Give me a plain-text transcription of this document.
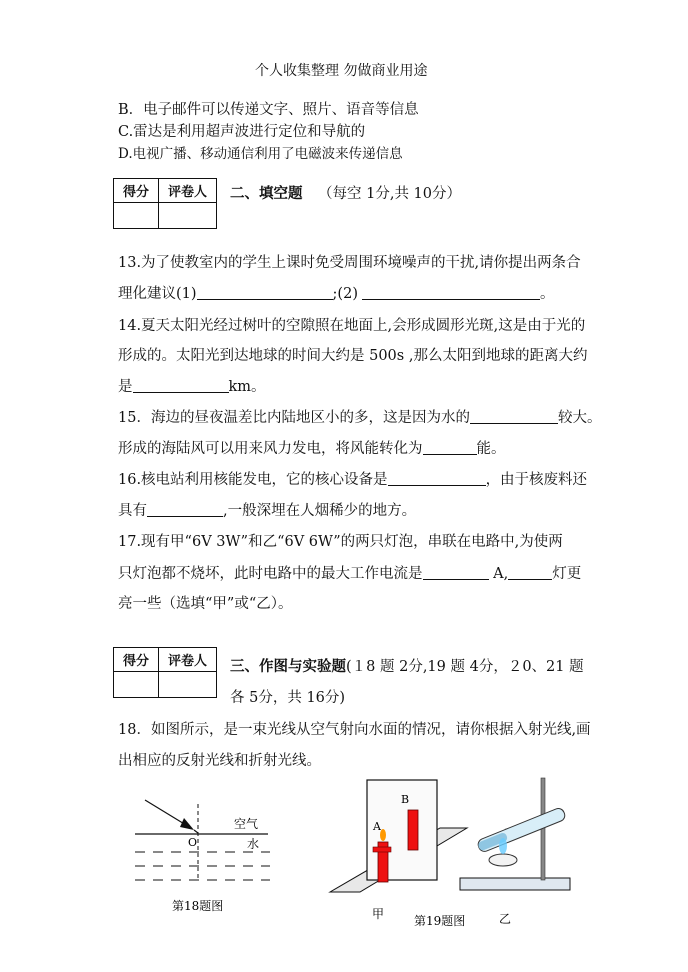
个人收集整理 勿做商业用途
B．电子邮件可以传递文字、照片、语音等信息
C.雷达是利用超声波进行定位和导航的
D.电视广播、移动通信利用了电磁波来传递信息
得分	评卷人
	二、填空题 （每空 1分,共 10分）
13.为了使教室内的学生上课时免受周围环境噪声的干扰,请你提出两条合
理化建议(1)	;(2)	。
14.夏天太阳光经过树叶的空隙照在地面上,会形成圆形光斑,这是由于光的
形成的。太阳光到达地球的时间大约是 500s ,那么太阳到地球的距离大约
是	km。
15．海边的昼夜温差比内陆地区小的多，这是因为水的	较大。
形成的海陆风可以用来风力发电，将风能转化为	能。
16.核电站利用核能发电，它的核心设备是	，由于核废料还
具有	,一般深埋在人烟稀少的地方。
17.现有甲“6V 3W”和乙“6V 6W”的两只灯泡，串联在电路中,为使两
只灯泡都不烧坏，此时电路中的最大工作电流是	A,	灯更
亮一些（选填“甲”或“乙）。
得分	评卷人
	三、作图与实验题(１8 题 2分,19 题 4分，２0、21 题
各 5分，共 16分)
18．如图所示，是一束光线从空气射向水面的情况，请你根据入射光线,画
出相应的反射光线和折射光线。
空气
水
O
第18题图
A
B
甲 第19题图	乙
